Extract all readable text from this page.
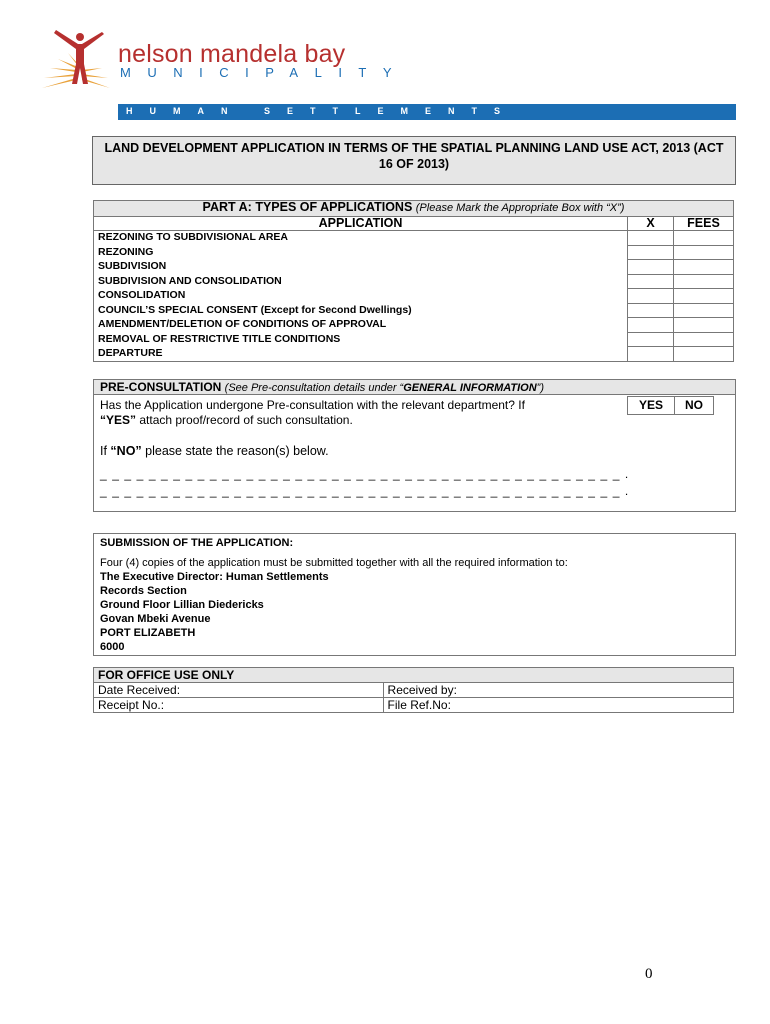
nelson mandela bay
MUNICIPALITY
HUMAN SETTLEMENTS
LAND DEVELOPMENT APPLICATION IN TERMS OF THE SPATIAL PLANNING LAND USE ACT, 2013 (ACT 16 OF 2013)
PART A: TYPES OF APPLICATIONS (Please Mark the Appropriate Box with “X”)		
APPLICATION	X	FEES
REZONING TO SUBDIVISIONAL AREA		
REZONING		
SUBDIVISION		
SUBDIVISION AND CONSOLIDATION		
CONSOLIDATION		
COUNCIL’S SPECIAL CONSENT (Except for Second Dwellings)		
AMENDMENT/DELETION OF CONDITIONS OF APPROVAL		
REMOVAL OF RESTRICTIVE TITLE CONDITIONS		
DEPARTURE		
PRE-CONSULTATION (See Pre-consultation details under “GENERAL INFORMATION”)
Has the Application undergone Pre-consultation with the relevant department? If
“YES” attach proof/record of such consultation.
YES	NO
If “NO” please state the reason(s) below.
_ _ _ _ _ _ _ _ _ _ _ _ _ _ _ _ _ _ _ _ _ _ _ _ _ _ _ _ _ _ _ _ _ _ _ _ _ _ _ _ _ _ _ .
_ _ _ _ _ _ _ _ _ _ _ _ _ _ _ _ _ _ _ _ _ _ _ _ _ _ _ _ _ _ _ _ _ _ _ _ _ _ _ _ _ _ _ .
SUBMISSION OF THE APPLICATION:
Four (4) copies of the application must be submitted together with all the required information to:
The Executive Director: Human Settlements
Records Section
Ground Floor Lillian Diedericks
Govan Mbeki Avenue
PORT ELIZABETH
6000
FOR OFFICE USE ONLY	
Date Received:	Received by:
Receipt No.:	File Ref.No:
0
